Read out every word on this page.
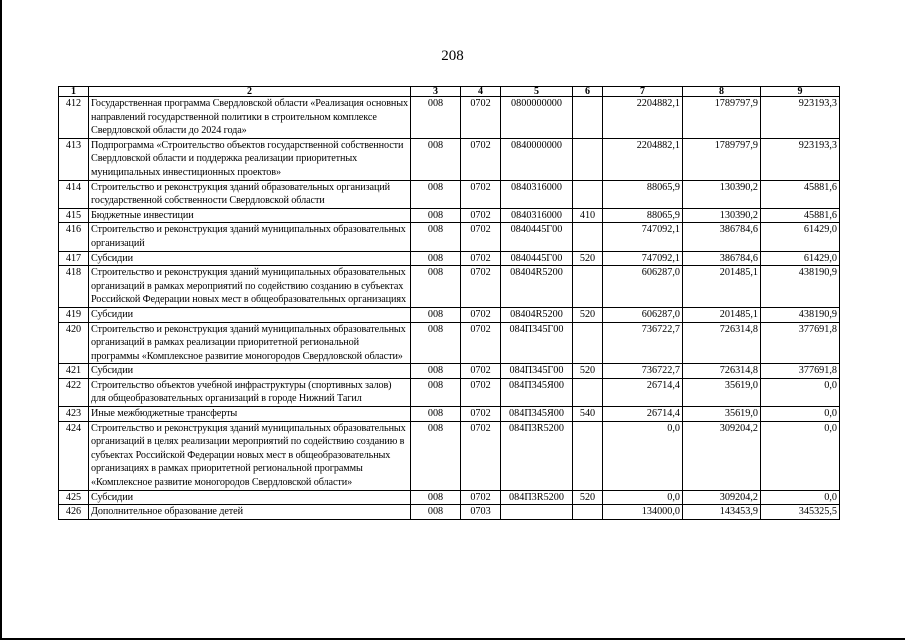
208
1	2	3	4	5	6	7	8	9
412	Государственная программа Свердловской области «Реализация основных направлений государственной политики в строительном комплексе Свердловской области до 2024 года»	008	0702	0800000000		2204882,1	1789797,9	923193,3
413	Подпрограмма «Строительство объектов государственной собственности Свердловской области и поддержка реализации приоритетных муниципальных инвестиционных проектов»	008	0702	0840000000		2204882,1	1789797,9	923193,3
414	Строительство и реконструкция зданий образовательных организаций государственной собственности Свердловской области	008	0702	0840316000		88065,9	130390,2	45881,6
415	Бюджетные инвестиции	008	0702	0840316000	410	88065,9	130390,2	45881,6
416	Строительство и реконструкция зданий муниципальных образовательных организаций	008	0702	0840445Г00		747092,1	386784,6	61429,0
417	Субсидии	008	0702	0840445Г00	520	747092,1	386784,6	61429,0
418	Строительство и реконструкция зданий муниципальных образовательных организаций в рамках мероприятий по содействию созданию в субъектах Российской Федерации новых мест в общеобразовательных организациях	008	0702	08404R5200		606287,0	201485,1	438190,9
419	Субсидии	008	0702	08404R5200	520	606287,0	201485,1	438190,9
420	Строительство и реконструкция зданий муниципальных образовательных организаций в рамках реализации приоритетной региональной программы «Комплексное развитие моногородов Свердловской области»	008	0702	084П345Г00		736722,7	726314,8	377691,8
421	Субсидии	008	0702	084П345Г00	520	736722,7	726314,8	377691,8
422	Строительство объектов учебной инфраструктуры (спортивных залов) для общеобразовательных организаций в городе Нижний Тагил	008	0702	084П345Я00		26714,4	35619,0	0,0
423	Иные межбюджетные трансферты	008	0702	084П345Я00	540	26714,4	35619,0	0,0
424	Строительство и реконструкция зданий муниципальных образовательных организаций в целях реализации мероприятий по содействию созданию в субъектах Российской Федерации новых мест в общеобразовательных организациях в рамках приоритетной региональной программы «Комплексное развитие моногородов Свердловской области»	008	0702	084П3R5200		0,0	309204,2	0,0
425	Субсидии	008	0702	084П3R5200	520	0,0	309204,2	0,0
426	Дополнительное образование детей	008	0703			134000,0	143453,9	345325,5
